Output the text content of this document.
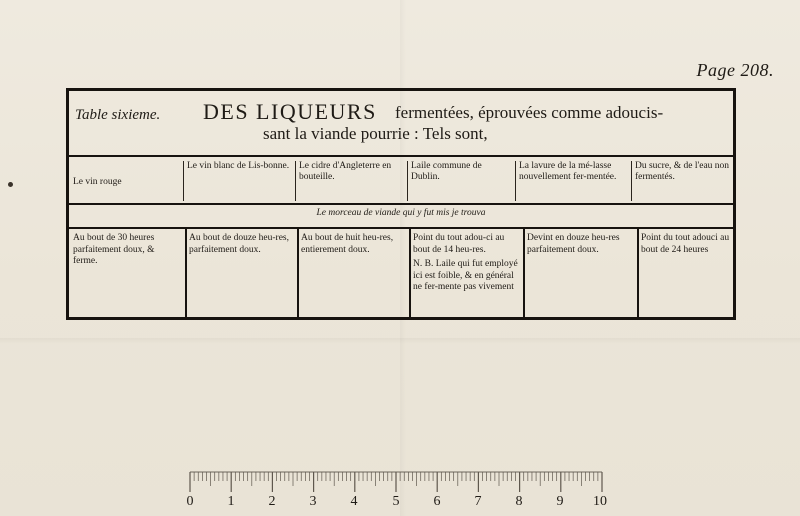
Page 208.
Table sixieme. DES LIQUEURS fermentées, éprouvées comme adoucis-
sant la viande pourrie : Tels sont,
Le vin rouge
Le vin blanc de Lis-bonne.	Le cidre d'Angleterre en bouteille.
Laile commune de Dublin.
La lavure de la mé-lasse nouvellement fer-mentée.
Du sucre, & de l'eau non fermentés.
Le morceau de viande qui y fut mis je trouva
Au bout de 30 heures parfaitement doux, & ferme.
Au bout de douze heu-res, parfaitement doux.
Au bout de huit heu-res, entierement doux.
Point du tout adou-ci au bout de 14 heu-res.
N. B. Laile qui fut employé ici est foible, & en général ne fer-mente pas vivement
Devint en douze heu-res parfaitement doux.
Point du tout adouci au bout de 24 heures
0 1 2 3 4	5 6 7 8 9 10
